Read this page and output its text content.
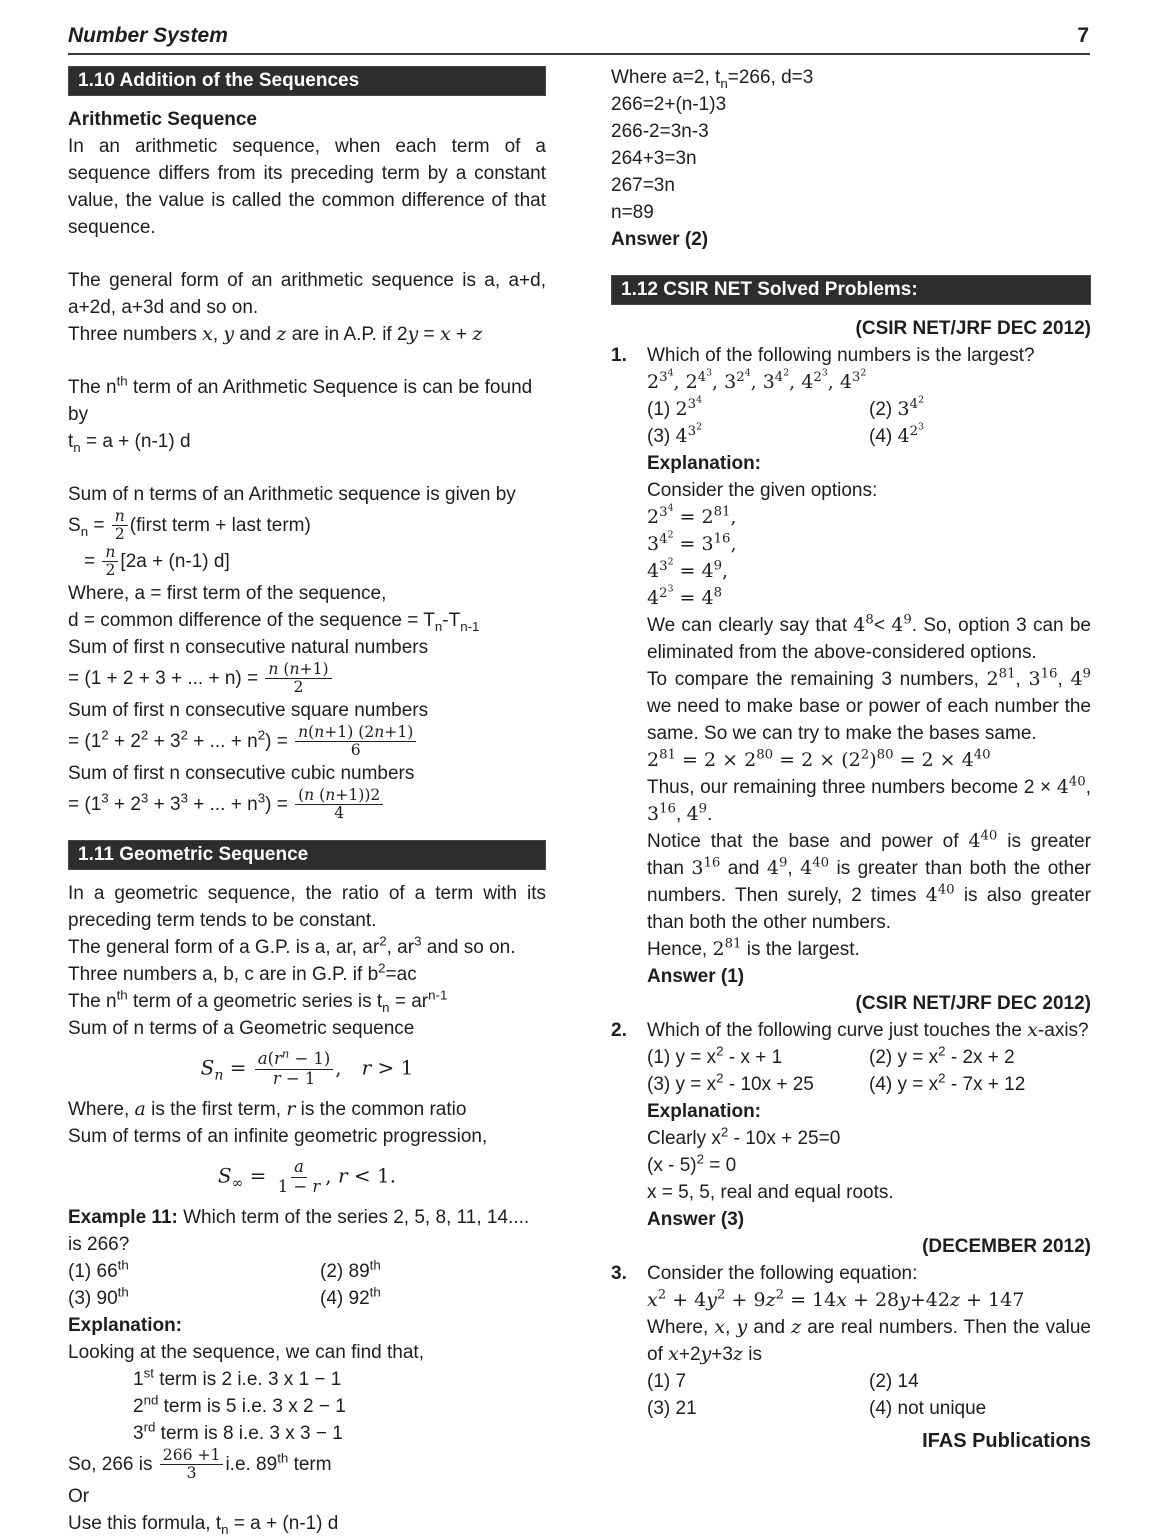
Number System	7
1.10 Addition of the Sequences
Arithmetic Sequence
In an arithmetic sequence, when each term of a sequence differs from its preceding term by a constant value, the value is called the common difference of that sequence.
The general form of an arithmetic sequence is a, a+d, a+2d, a+3d and so on.
Three numbers x, y and z are in A.P. if 2y = x + z
The $n^{th}$ term of an Arithmetic Sequence is can be found by
$t_n = a + (n-1)$ d
Sum of n terms of an Arithmetic sequence is given by
$S_n = \frac{n}{2}$ (first term + last term)
= $\frac{n}{2} [2a + (n-1)$ d]
Where, a = first term of the sequence,
d = common difference of the sequence = $T_n-T_{n-1}$
Sum of first n consecutive natural numbers
= (1 + 2 + 3 + ... + $n) = \frac{n (n+1)}{2}$
Sum of first n consecutive square numbers
= ($1^2 + 2^2 + 3^2$ + ... + $n^2) = \frac{n(n+1) (2n+1)}{6}$
Sum of first n consecutive cubic numbers
= ($1^3 + 2^3 + 3^3$ + ... + $n^3) = \frac{(n (n+1))2}{4}$
1.11 Geometric Sequence
In a geometric sequence, the ratio of a term with its preceding term tends to be constant.
The general form of a G.P. is a, ar, $ar^2$, $ar^3$ and so on.
Three numbers a, b, c are in G.P. if $b^2=ac$
The $n^{th}$ term of a geometric series is $t_n = ar^{n-1}$
Sum of n terms of a Geometric sequence
$S_n = \frac{a(r^n - 1)}{r - 1}$ , r > 1
Where, a is the first term, r is the common ratio
Sum of terms of an infinite geometric progression,
$S_\infty = \frac{a}{1 - r}$ , r < 1.
Example 11: Which term of the series 2, 5, 8, 11, 14.... is 266?
(1) 66th	(2) 89th
(3) 90th	(4) 92th
Explanation:
Looking at the sequence, we can find that,
1st term is 2 i.e. 3 x 1 − 1
2nd term is 5 i.e. 3 x 2 − 1
3rd term is 8 i.e. 3 x 3 − 1
So, 266 is $\frac{266 +1}{3} i.e$. 89th term
Or
Use this formula, $t_n = a + (n-1)$ d
Where a=2, $t_n=266$, d=3
266=2+(n-1)3
266-2=3n-3
264+3=3n
267=3n
n=89
Answer (2)
1.12 CSIR NET Solved Problems:
(CSIR NET/JRF DEC 2012)
1.	Which of the following numbers is the largest?
$2^{3^4}$, $2^{4^3}$, $3^{2^4}$, $3^{4^2}$, $4^{2^3}$, $4^{3^2}$
(1) $2^{3^4}$	(2) $3^{4^2}$
(3) $4^{3^2}$	(4) $4^{2^3}$
Explanation:
Consider the given options:
$2^{3^4} = 2^{81}$,
$3^{4^2} = 3^{16}$,
$4^{3^2} = 4^9$,
$4^{2^3} = 4^8$
We can clearly say that $4^8< 4^9$. So, option 3 can be eliminated from the above-considered options.
To compare the remaining 3 numbers, $2^{81}$, $3^{16}$, $4^9$ we need to make base or power of each number the same. So we can try to make the bases same.
$2^{81} = 2 \times 2^{80} = 2 \times (2^2)^{80} = 2 \times 4^{40}$
Thus, our remaining three numbers become $2 \times 4^{40}$, $3^{16}$, $4^9$.
Notice that the base and power of $4^{40}$ is greater than $3^{16}$ and $4^9$, $4^{40}$ is greater than both the other numbers. Then surely, 2 times $4^{40}$ is also greater than both the other numbers.
Hence, $2^{81}$ is the largest.
Answer (1)
(CSIR NET/JRF DEC 2012)
2.	Which of the following curve just touches the x-axis?
(1) $y = x^2 - x + 1$	(2) $y = x^2 - 2x + 2$
(3) $y = x^2 - 10x + 25$	(4) $y = x^2 - 7x + 12$
Explanation:
Clearly $x^2 - 10x + 25=0$
(x - 5)$^2$ = 0
x = 5, 5, real and equal roots.
Answer (3)
(DECEMBER 2012)
3.	Consider the following equation:
$x^2 + 4y^2 + 9z^2 = 14x + 28y+42z + 147$
Where, x, y and z are real numbers. Then the value of x+2y+3z is
(1) 7	(2) 14
(3) 21	(4) not unique
IFAS Publications
